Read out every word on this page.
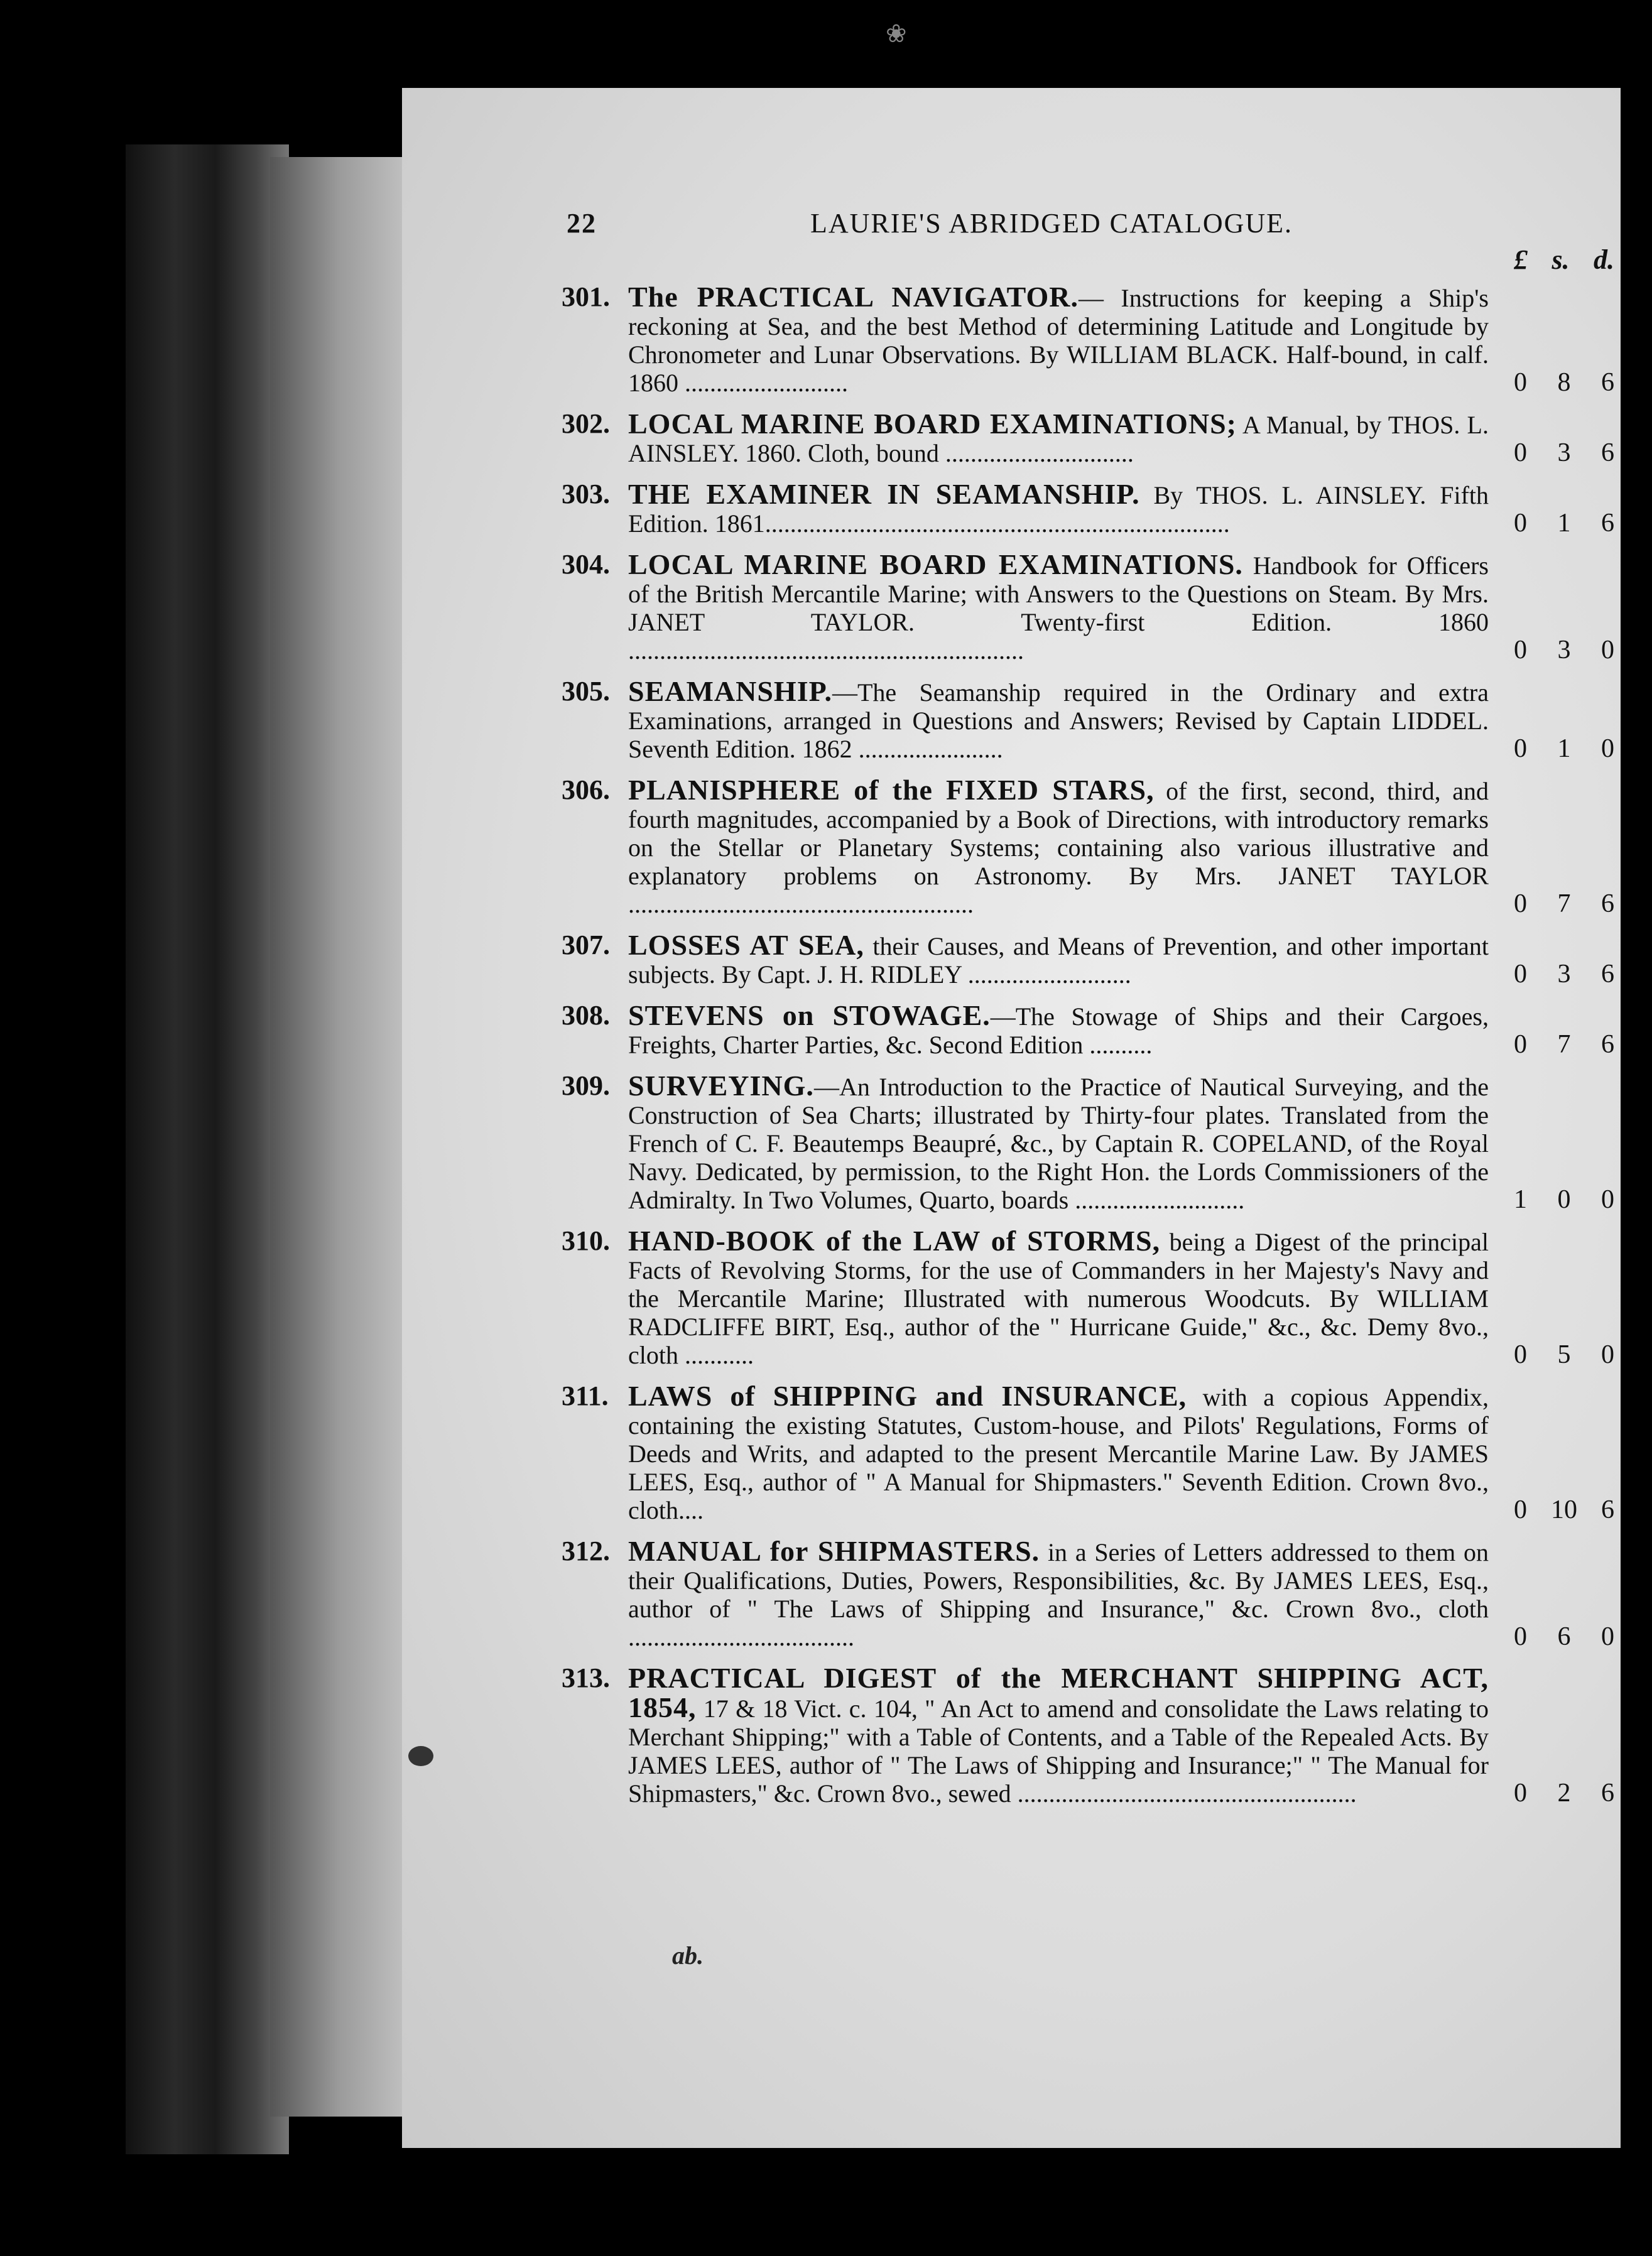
❀
22	LAURIE'S ABRIDGED CATALOGUE.
£ s. d.
301. The PRACTICAL NAVIGATOR.— Instructions for keeping a Ship's reckoning at Sea, and the best Method of determining Latitude and Longitude by Chronometer and Lunar Observations. By WILLIAM BLACK. Half-bound, in calf. 1860 ..........................	0 8 6
302. LOCAL MARINE BOARD EXAMINATIONS; A Manual, by THOS. L. AINSLEY. 1860. Cloth, bound ..............................	0 3 6
303. THE EXAMINER IN SEAMANSHIP. By THOS. L. AINSLEY. Fifth Edition. 1861..........................................................................	0 1 6
304. LOCAL MARINE BOARD EXAMINATIONS. Handbook for Officers of the British Mercantile Marine; with Answers to the Questions on Steam. By Mrs. JANET TAYLOR. Twenty-first Edition. 1860 ...............................................................	0 3 0
305. SEAMANSHIP.—The Seamanship required in the Ordinary and extra Examinations, arranged in Questions and Answers; Revised by Captain LIDDEL. Seventh Edition. 1862 .......................	0 1 0
306. PLANISPHERE of the FIXED STARS, of the first, second, third, and fourth magnitudes, accompanied by a Book of Directions, with introductory remarks on the Stellar or Planetary Systems; containing also various illustrative and explanatory problems on Astronomy. By Mrs. JANET TAYLOR .......................................................	0 7 6
307. LOSSES AT SEA, their Causes, and Means of Prevention, and other important subjects. By Capt. J. H. RIDLEY ..........................	0 3 6
308. STEVENS on STOWAGE.—The Stowage of Ships and their Cargoes, Freights, Charter Parties, &c. Second Edition ..........	0 7 6
309. SURVEYING.—An Introduction to the Practice of Nautical Surveying, and the Construction of Sea Charts; illustrated by Thirty-four plates. Translated from the French of C. F. Beautemps Beaupré, &c., by Captain R. COPELAND, of the Royal Navy. Dedicated, by permission, to the Right Hon. the Lords Commissioners of the Admiralty. In Two Volumes, Quarto, boards ...........................	1 0 0
310. HAND-BOOK of the LAW of STORMS, being a Digest of the principal Facts of Revolving Storms, for the use of Commanders in her Majesty's Navy and the Mercantile Marine; Illustrated with numerous Woodcuts. By WILLIAM RADCLIFFE BIRT, Esq., author of the " Hurricane Guide," &c., &c. Demy 8vo., cloth ...........	0 5 0
311. LAWS of SHIPPING and INSURANCE, with a copious Appendix, containing the existing Statutes, Custom-house, and Pilots' Regulations, Forms of Deeds and Writs, and adapted to the present Mercantile Marine Law. By JAMES LEES, Esq., author of " A Manual for Shipmasters." Seventh Edition. Crown 8vo., cloth....	0 10 6
312. MANUAL for SHIPMASTERS. in a Series of Letters addressed to them on their Qualifications, Duties, Powers, Responsibilities, &c. By JAMES LEES, Esq., author of " The Laws of Shipping and Insurance," &c. Crown 8vo., cloth ....................................	0 6 0
313. PRACTICAL DIGEST of the MERCHANT SHIPPING ACT, 1854, 17 & 18 Vict. c. 104, " An Act to amend and consolidate the Laws relating to Merchant Shipping;" with a Table of Contents, and a Table of the Repealed Acts. By JAMES LEES, author of " The Laws of Shipping and Insurance;" " The Manual for Shipmasters," &c. Crown 8vo., sewed ......................................................	0 2 6
ab.
